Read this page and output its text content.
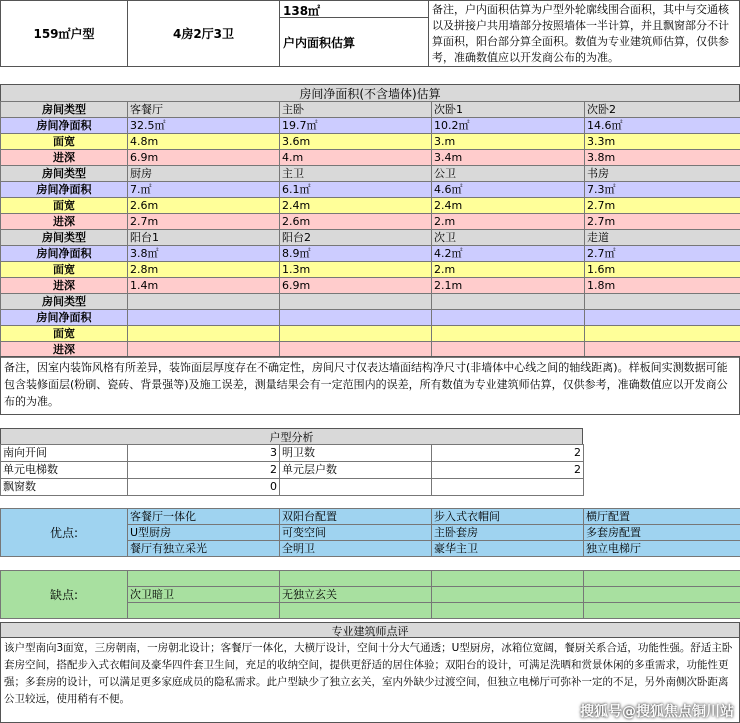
159㎡户型	4房2厅3卫
138㎡
户内面积估算
备注，户内面积估算为户型外轮廓线围合面积，其中与交通核以及拼接户共用墙部分按照墙体一半计算，并且飘窗部分不计算面积，阳台部分算全面积。数值为专业建筑师估算，仅供参考，准确数值应以开发商公布的为准。
房间净面积(不含墙体)估算
房间类型	客餐厅	主卧	次卧1	次卧2
房间净面积	32.5㎡	19.7㎡	10.2㎡	14.6㎡
面宽	4.8m	3.6m	3.m	3.3m
进深	6.9m	4.m	3.4m	3.8m
房间类型	厨房	主卫	公卫	书房
房间净面积	7.㎡	6.1㎡	4.6㎡	7.3㎡
面宽	2.6m	2.4m	2.4m	2.7m
进深	2.7m	2.6m	2.m	2.7m
房间类型	阳台1	阳台2	次卫	走道
房间净面积	3.8㎡	8.9㎡	4.2㎡	2.7㎡
面宽	2.8m	1.3m	2.m	1.6m
进深	1.4m	6.9m	2.1m	1.8m
房间类型				
房间净面积				
面宽				
进深				
备注，因室内装饰风格有所差异，装饰面层厚度存在不确定性，房间尺寸仅表达墙面结构净尺寸(非墙体中心线之间的轴线距离)。样板间实测数据可能包含装修面层(粉刷、瓷砖、背景强等)及施工误差，测量结果会有一定范围内的误差，所有数值为专业建筑师估算，仅供参考，准确数值应以开发商公布的为准。
户型分析
南向开间	3	明卫数	2
单元电梯数	2	单元层户数	2
飘窗数	0		
优点:	客餐厅一体化	双阳台配置	步入式衣帽间	横厅配置
	U型厨房	可变空间	主卧套房	多套房配置
	餐厅有独立采光	全明卫	豪华主卫	独立电梯厅
缺点:				
	次卫暗卫	无独立玄关		

专业建筑师点评
该户型南向3面宽，三房朝南，一房朝北设计；客餐厅一体化，大横厅设计，空间十分大气通透；U型厨房，冰箱位宽阔，餐厨关系合适，功能性强。舒适主卧套房空间，搭配步入式衣帽间及豪华四件套卫生间，充足的收纳空间，提供更舒适的居住体验；双阳台的设计，可满足洗晒和赏景休闲的多重需求，功能性更强；多套房的设计，可以满足更多家庭成员的隐私需求。此户型缺少了独立玄关，室内外缺少过渡空间，但独立电梯厅可弥补一定的不足，另外南侧次卧距离公卫较远，使用稍有不便。
搜狐号@搜狐焦点铜川站
